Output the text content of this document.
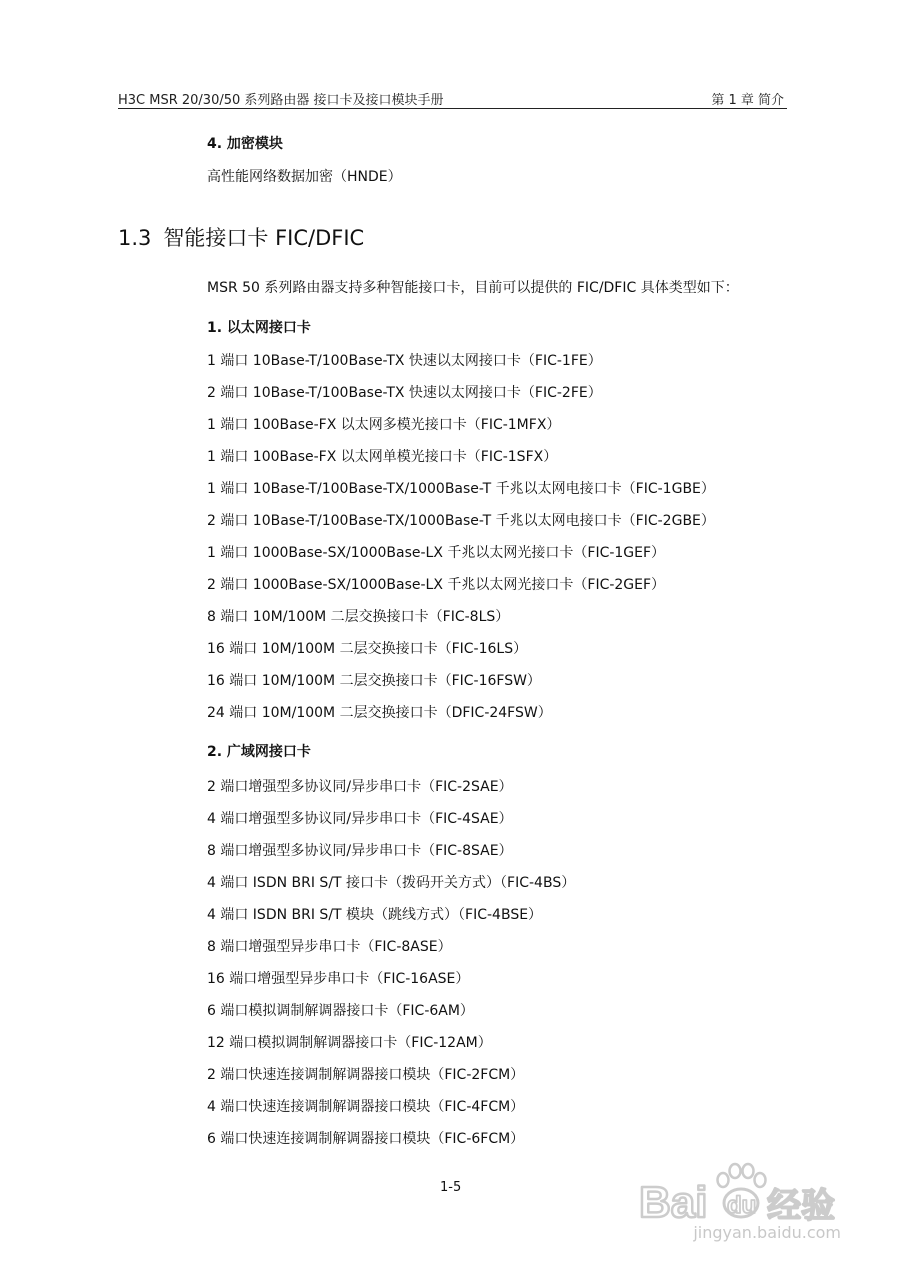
H3C MSR 20/30/50 系列路由器 接口卡及接口模块手册	第 1 章 简介
4. 加密模块
高性能网络数据加密（HNDE）
1.3 智能接口卡 FIC/DFIC
MSR 50 系列路由器支持多种智能接口卡，目前可以提供的 FIC/DFIC 具体类型如下：
1. 以太网接口卡
1 端口 10Base-T/100Base-TX 快速以太网接口卡（FIC-1FE）
2 端口 10Base-T/100Base-TX 快速以太网接口卡（FIC-2FE）
1 端口 100Base-FX 以太网多模光接口卡（FIC-1MFX）
1 端口 100Base-FX 以太网单模光接口卡（FIC-1SFX）
1 端口 10Base-T/100Base-TX/1000Base-T 千兆以太网电接口卡（FIC-1GBE）
2 端口 10Base-T/100Base-TX/1000Base-T 千兆以太网电接口卡（FIC-2GBE）
1 端口 1000Base-SX/1000Base-LX 千兆以太网光接口卡（FIC-1GEF）
2 端口 1000Base-SX/1000Base-LX 千兆以太网光接口卡（FIC-2GEF）
8 端口 10M/100M 二层交换接口卡（FIC-8LS）
16 端口 10M/100M 二层交换接口卡（FIC-16LS）
16 端口 10M/100M 二层交换接口卡（FIC-16FSW）
24 端口 10M/100M 二层交换接口卡（DFIC-24FSW）
2. 广域网接口卡
2 端口增强型多协议同/异步串口卡（FIC-2SAE）
4 端口增强型多协议同/异步串口卡（FIC-4SAE）
8 端口增强型多协议同/异步串口卡（FIC-8SAE）
4 端口 ISDN BRI S/T 接口卡（拨码开关方式）（FIC-4BS）
4 端口 ISDN BRI S/T 模块（跳线方式）（FIC-4BSE）
8 端口增强型异步串口卡（FIC-8ASE）
16 端口增强型异步串口卡（FIC-16ASE）
6 端口模拟调制解调器接口卡（FIC-6AM）
12 端口模拟调制解调器接口卡（FIC-12AM）
2 端口快速连接调制解调器接口模块（FIC-2FCM）
4 端口快速连接调制解调器接口模块（FIC-4FCM）
6 端口快速连接调制解调器接口模块（FIC-6FCM）
1-5	Bai du 经验
jingyan.baidu.com
